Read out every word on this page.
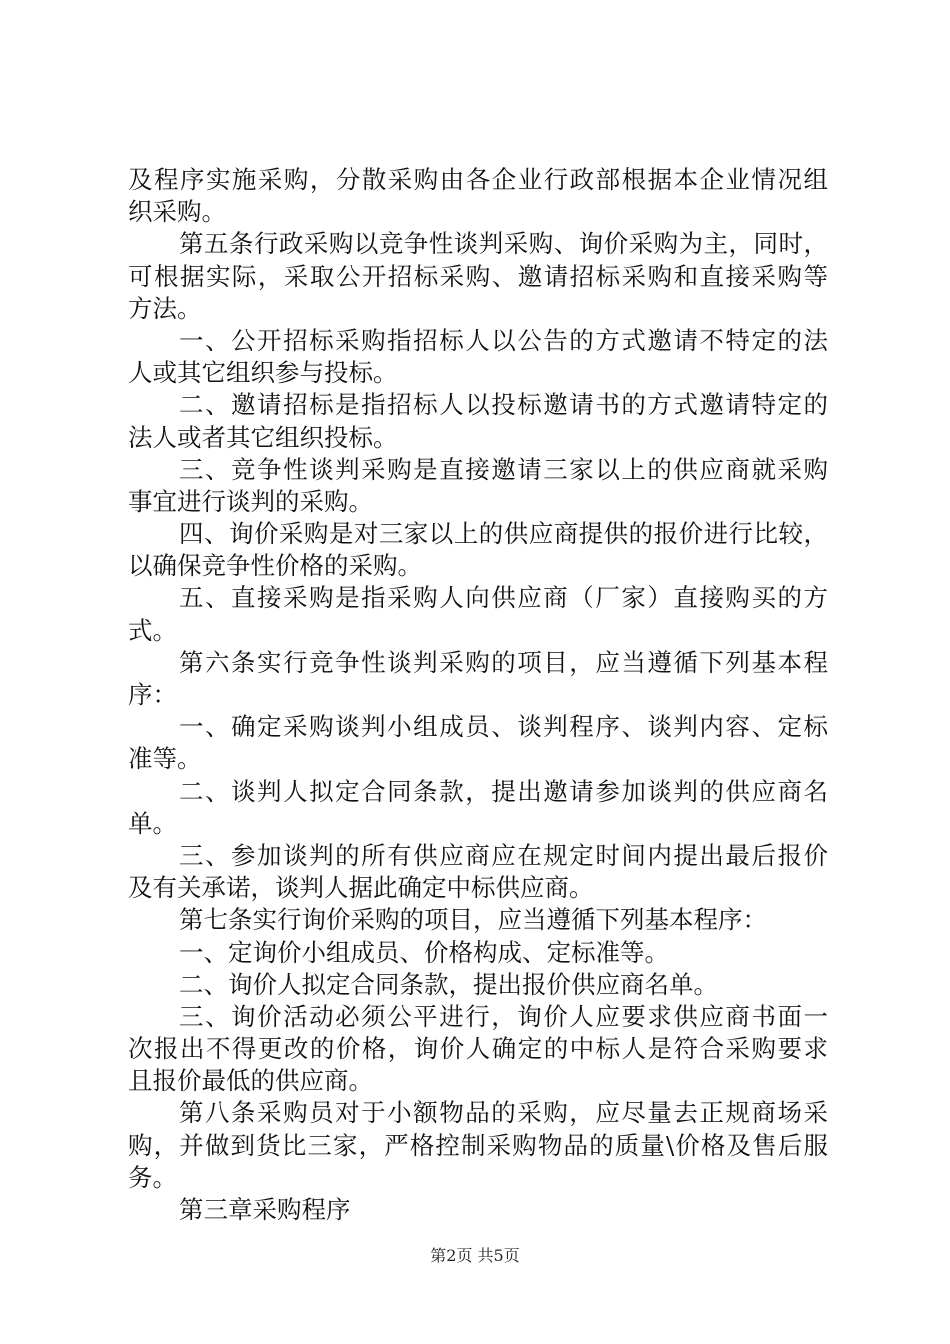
及程序实施采购，分散采购由各企业行政部根据本企业情况组
织采购。
第五条行政采购以竞争性谈判采购、询价采购为主，同时，
可根据实际，采取公开招标采购、邀请招标采购和直接采购等
方法。
一、公开招标采购指招标人以公告的方式邀请不特定的法
人或其它组织参与投标。
二、邀请招标是指招标人以投标邀请书的方式邀请特定的
法人或者其它组织投标。
三、竞争性谈判采购是直接邀请三家以上的供应商就采购
事宜进行谈判的采购。
四、询价采购是对三家以上的供应商提供的报价进行比较，
以确保竞争性价格的采购。
五、直接采购是指采购人向供应商（厂家）直接购买的方
式。
第六条实行竞争性谈判采购的项目，应当遵循下列基本程
序：
一、确定采购谈判小组成员、谈判程序、谈判内容、定标
准等。
二、谈判人拟定合同条款，提出邀请参加谈判的供应商名
单。
三、参加谈判的所有供应商应在规定时间内提出最后报价
及有关承诺，谈判人据此确定中标供应商。
第七条实行询价采购的项目，应当遵循下列基本程序：
一、定询价小组成员、价格构成、定标准等。
二、询价人拟定合同条款，提出报价供应商名单。
三、询价活动必须公平进行，询价人应要求供应商书面一
次报出不得更改的价格，询价人确定的中标人是符合采购要求
且报价最低的供应商。
第八条采购员对于小额物品的采购，应尽量去正规商场采
购，并做到货比三家，严格控制采购物品的质量\价格及售后服
务。
第三章采购程序
第2页 共5页
